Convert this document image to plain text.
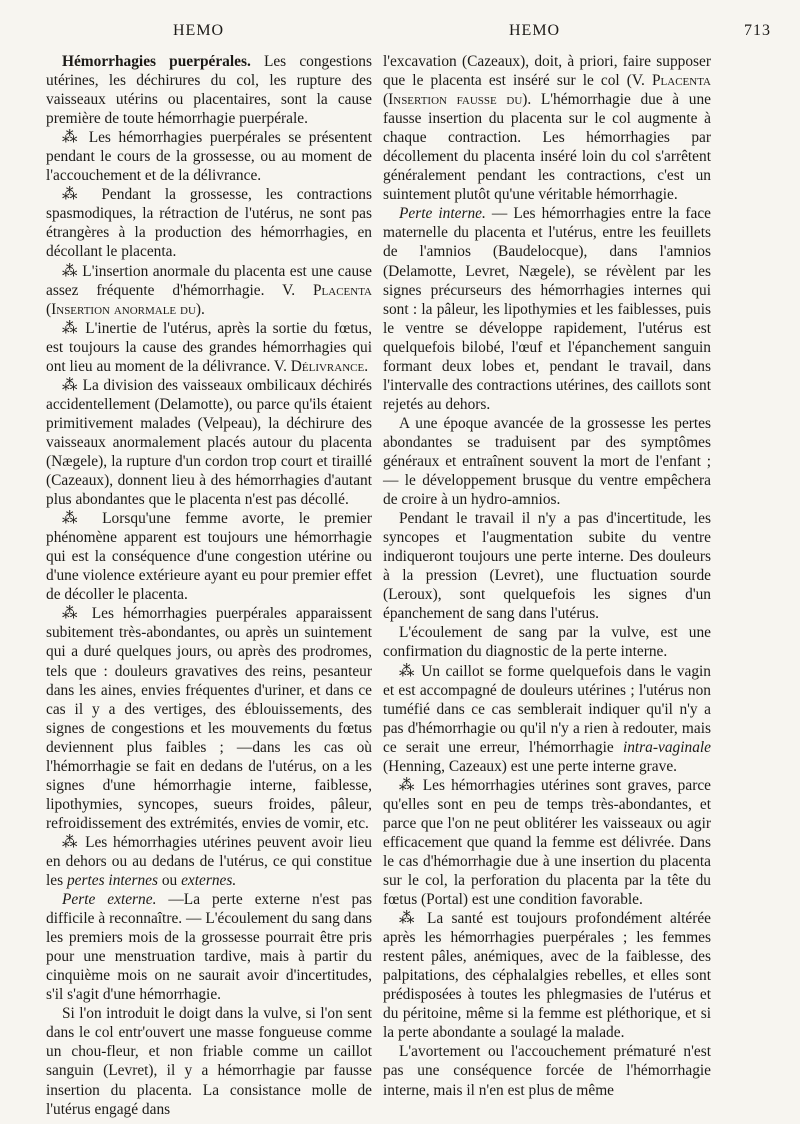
HEMO	HEMO	713

Hémorrhagies puerpérales. Les congestions utérines, les déchirures du col, les rupture des vaisseaux utérins ou placentaires, sont la cause première de toute hémorrhagie puerpérale.

⁂ Les hémorrhagies puerpérales se présentent pendant le cours de la grossesse, ou au moment de l'accouchement et de la délivrance.

⁂ Pendant la grossesse, les contractions spasmodiques, la rétraction de l'utérus, ne sont pas étrangères à la production des hémorrhagies, en décollant le placenta.

⁂ L'insertion anormale du placenta est une cause assez fréquente d'hémorrhagie. V. Placenta (Insertion anormale du).

⁂ L'inertie de l'utérus, après la sortie du fœtus, est toujours la cause des grandes hémorrhagies qui ont lieu au moment de la délivrance. V. Délivrance.

⁂ La division des vaisseaux ombilicaux déchirés accidentellement (Delamotte), ou parce qu'ils étaient primitivement malades (Velpeau), la déchirure des vaisseaux anormalement placés autour du placenta (Nægele), la rupture d'un cordon trop court et tiraillé (Cazeaux), donnent lieu à des hémorrhagies d'autant plus abondantes que le placenta n'est pas décollé.

⁂ Lorsqu'une femme avorte, le premier phénomène apparent est toujours une hémorrhagie qui est la conséquence d'une congestion utérine ou d'une violence extérieure ayant eu pour premier effet de décoller le placenta.

⁂ Les hémorrhagies puerpérales apparaissent subitement très-abondantes, ou après un suintement qui a duré quelques jours, ou après des prodromes, tels que : douleurs gravatives des reins, pesanteur dans les aines, envies fréquentes d'uriner, et dans ce cas il y a des vertiges, des éblouissements, des signes de congestions et les mouvements du fœtus deviennent plus faibles ; —dans les cas où l'hémorrhagie se fait en dedans de l'utérus, on a les signes d'une hémorrhagie interne, faiblesse, lipothymies, syncopes, sueurs froides, pâleur, refroidissement des extrémités, envies de vomir, etc.

⁂ Les hémorrhagies utérines peuvent avoir lieu en dehors ou au dedans de l'utérus, ce qui constitue les pertes internes ou externes.

Perte externe. —La perte externe n'est pas difficile à reconnaître. — L'écoulement du sang dans les premiers mois de la grossesse pourrait être pris pour une menstruation tardive, mais à partir du cinquième mois on ne saurait avoir d'incertitudes, s'il s'agit d'une hémorrhagie.

Si l'on introduit le doigt dans la vulve, si l'on sent dans le col entr'ouvert une masse fongueuse comme un chou-fleur, et non friable comme un caillot sanguin (Levret), il y a hémorrhagie par fausse insertion du placenta. La consistance molle de l'utérus engagé dans

l'excavation (Cazeaux), doit, à priori, faire supposer que le placenta est inséré sur le col (V. Placenta (Insertion fausse du). L'hémorrhagie due à une fausse insertion du placenta sur le col augmente à chaque contraction. Les hémorrhagies par décollement du placenta inséré loin du col s'arrêtent généralement pendant les contractions, c'est un suintement plutôt qu'une véritable hémorrhagie.

Perte interne. — Les hémorrhagies entre la face maternelle du placenta et l'utérus, entre les feuillets de l'amnios (Baudelocque), dans l'amnios (Delamotte, Levret, Nægele), se révèlent par les signes précurseurs des hémorrhagies internes qui sont : la pâleur, les lipothymies et les faiblesses, puis le ventre se développe rapidement, l'utérus est quelquefois bilobé, l'œuf et l'épanchement sanguin formant deux lobes et, pendant le travail, dans l'intervalle des contractions utérines, des caillots sont rejetés au dehors.

A une époque avancée de la grossesse les pertes abondantes se traduisent par des symptômes généraux et entraînent souvent la mort de l'enfant ; — le développement brusque du ventre empêchera de croire à un hydro-amnios.

Pendant le travail il n'y a pas d'incertitude, les syncopes et l'augmentation subite du ventre indiqueront toujours une perte interne. Des douleurs à la pression (Levret), une fluctuation sourde (Leroux), sont quelquefois les signes d'un épanchement de sang dans l'utérus.

L'écoulement de sang par la vulve, est une confirmation du diagnostic de la perte interne.

⁂ Un caillot se forme quelquefois dans le vagin et est accompagné de douleurs utérines ; l'utérus non tuméfié dans ce cas semblerait indiquer qu'il n'y a pas d'hémorrhagie ou qu'il n'y a rien à redouter, mais ce serait une erreur, l'hémorrhagie intra-vaginale (Henning, Cazeaux) est une perte interne grave.

⁂ Les hémorrhagies utérines sont graves, parce qu'elles sont en peu de temps très-abondantes, et parce que l'on ne peut oblitérer les vaisseaux ou agir efficacement que quand la femme est délivrée. Dans le cas d'hémorrhagie due à une insertion du placenta sur le col, la perforation du placenta par la tête du fœtus (Portal) est une condition favorable.

⁂ La santé est toujours profondément altérée après les hémorrhagies puerpérales ; les femmes restent pâles, anémiques, avec de la faiblesse, des palpitations, des céphalalgies rebelles, et elles sont prédisposées à toutes les phlegmasies de l'utérus et du péritoine, même si la femme est pléthorique, et si la perte abondante a soulagé la malade.

L'avortement ou l'accouchement prématuré n'est pas une conséquence forcée de l'hémorrhagie interne, mais il n'en est plus de même
